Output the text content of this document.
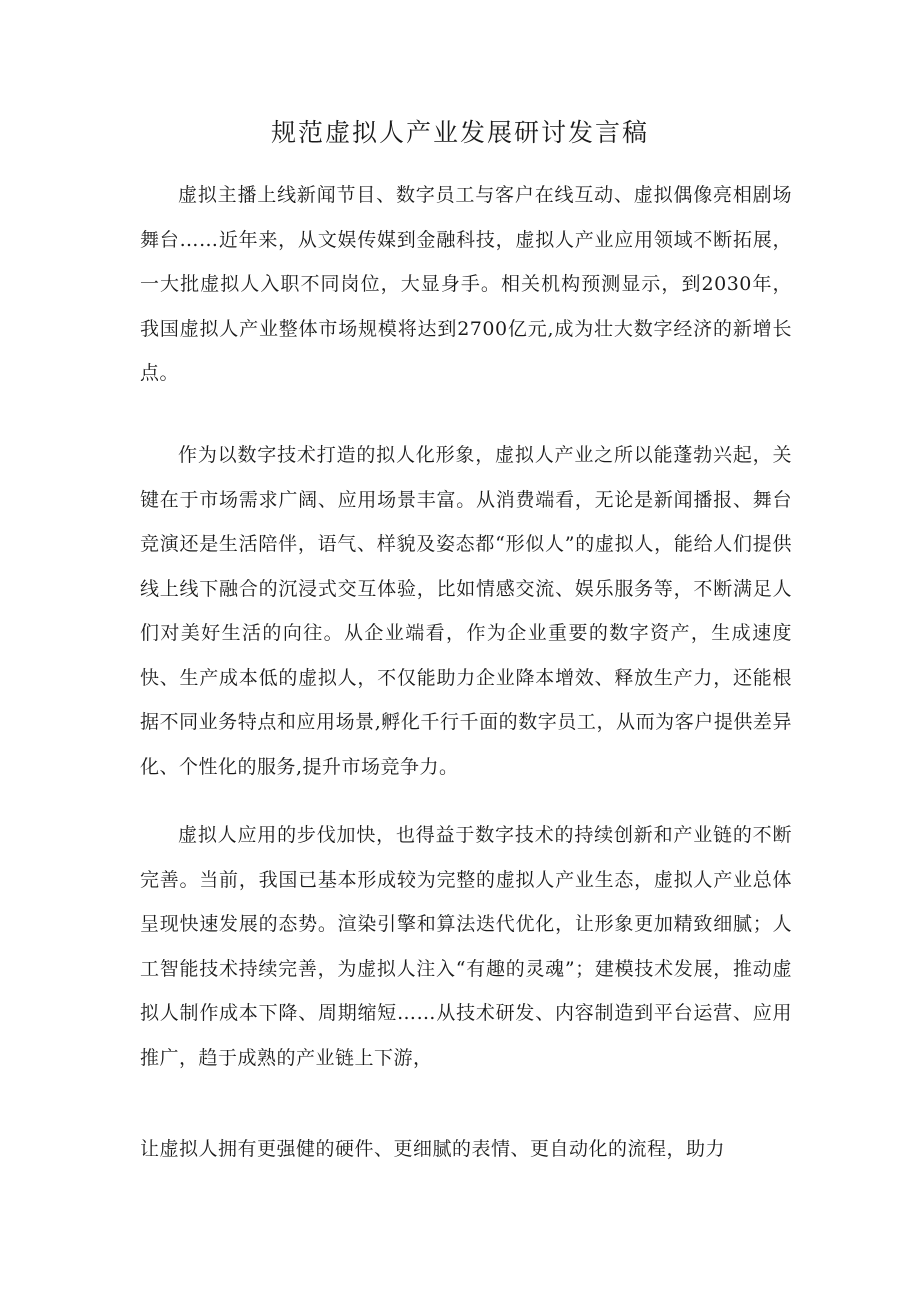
规范虚拟人产业发展研讨发言稿

虚拟主播上线新闻节目、数字员工与客户在线互动、虚拟偶像亮相剧场舞台……近年来，从文娱传媒到金融科技，虚拟人产业应用领域不断拓展，一大批虚拟人入职不同岗位，大显身手。相关机构预测显示，到2030年，我国虚拟人产业整体市场规模将达到2700亿元,成为壮大数字经济的新增长点。

作为以数字技术打造的拟人化形象，虚拟人产业之所以能蓬勃兴起，关键在于市场需求广阔、应用场景丰富。从消费端看，无论是新闻播报、舞台竞演还是生活陪伴，语气、样貌及姿态都“形似人”的虚拟人，能给人们提供线上线下融合的沉浸式交互体验，比如情感交流、娱乐服务等，不断满足人们对美好生活的向往。从企业端看，作为企业重要的数字资产，生成速度快、生产成本低的虚拟人，不仅能助力企业降本增效、释放生产力，还能根据不同业务特点和应用场景,孵化千行千面的数字员工，从而为客户提供差异化、个性化的服务,提升市场竞争力。

虚拟人应用的步伐加快，也得益于数字技术的持续创新和产业链的不断完善。当前，我国已基本形成较为完整的虚拟人产业生态，虚拟人产业总体呈现快速发展的态势。渲染引擎和算法迭代优化，让形象更加精致细腻；人工智能技术持续完善，为虚拟人注入“有趣的灵魂”；建模技术发展，推动虚拟人制作成本下降、周期缩短……从技术研发、内容制造到平台运营、应用推广，趋于成熟的产业链上下游，

让虚拟人拥有更强健的硬件、更细腻的表情、更自动化的流程，助力
